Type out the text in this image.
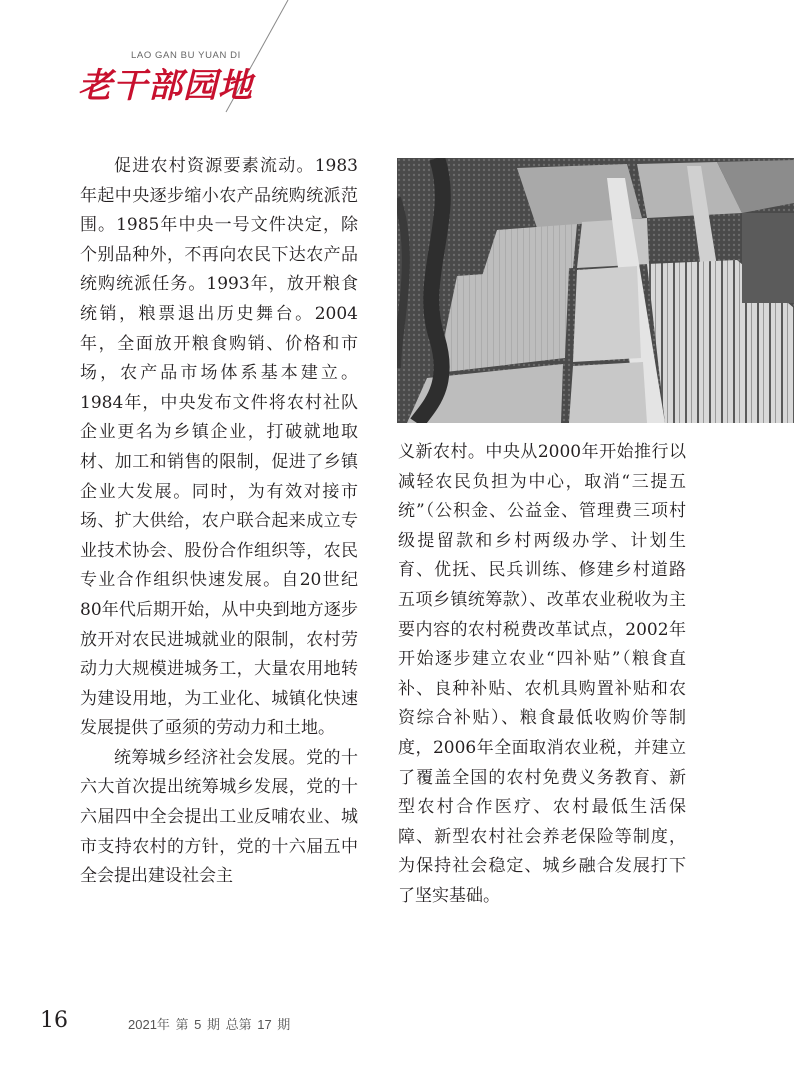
LAO GAN BU YUAN DI
老干部园地

促进农村资源要素流动。1983年起中央逐步缩小农产品统购统派范围。1985年中央一号文件决定，除个别品种外，不再向农民下达农产品统购统派任务。1993年，放开粮食统销，粮票退出历史舞台。2004年，全面放开粮食购销、价格和市场，农产品市场体系基本建立。1984年，中央发布文件将农村社队企业更名为乡镇企业，打破就地取材、加工和销售的限制，促进了乡镇企业大发展。同时，为有效对接市场、扩大供给，农户联合起来成立专业技术协会、股份合作组织等，农民专业合作组织快速发展。自20世纪80年代后期开始，从中央到地方逐步放开对农民进城就业的限制，农村劳动力大规模进城务工，大量农用地转为建设用地，为工业化、城镇化快速发展提供了亟须的劳动力和土地。

统筹城乡经济社会发展。党的十六大首次提出统筹城乡发展，党的十六届四中全会提出工业反哺农业、城市支持农村的方针，党的十六届五中全会提出建设社会主

义新农村。中央从2000年开始推行以减轻农民负担为中心，取消“三提五统”（公积金、公益金、管理费三项村级提留款和乡村两级办学、计划生育、优抚、民兵训练、修建乡村道路五项乡镇统筹款）、改革农业税收为主要内容的农村税费改革试点，2002年开始逐步建立农业“四补贴”（粮食直补、良种补贴、农机具购置补贴和农资综合补贴）、粮食最低收购价等制度，2006年全面取消农业税，并建立了覆盖全国的农村免费义务教育、新型农村合作医疗、农村最低生活保障、新型农村社会养老保险等制度，为保持社会稳定、城乡融合发展打下了坚实基础。

16	2021年 第 5 期 总第 17 期
